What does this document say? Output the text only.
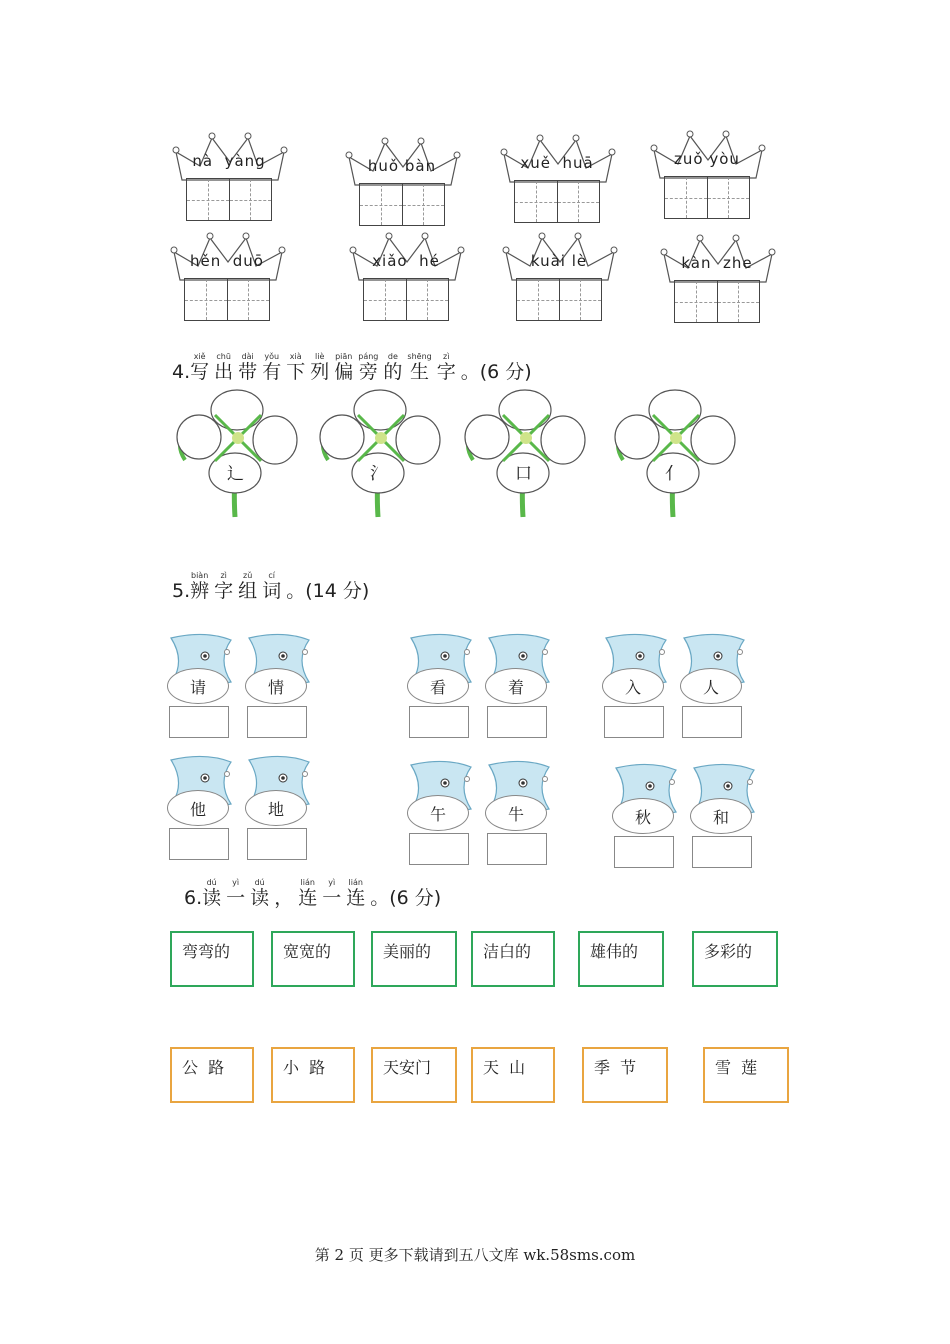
nà  yàng	huǒ bàn	xuě  huā	zuǒ yòu
hěn  duō	xiǎo  hé	kuài lè	kàn  zhe
4.
xiě
写
chū
出
dài
带
yǒu
有
xià
下
liè
列
piān
偏
páng
旁
de
的
shēng
生
zì
字 。(6 分)
辶	氵	口	亻
5.
biàn
辨
zì
字
zǔ
组
cí
词 。(14 分)
请	情	看	着	入	人
他	地	午	牛	秋	和
6.
dú
读
yì
一
dú
读 ，
lián
连
yì
一
lián
连 。(6 分)
弯弯的	宽宽的	美丽的	洁白的	雄伟的	多彩的
公  路	小  路	天安门	天  山	季  节	雪  莲
第 2 页 更多下载请到五八文库 wk.58sms.com
